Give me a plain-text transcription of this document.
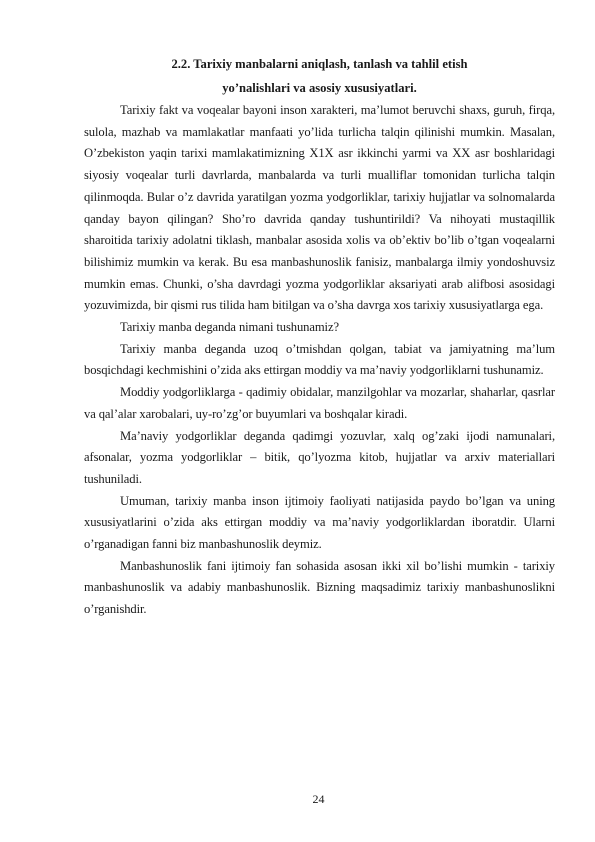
2.2. Tarixiy manbalarni aniqlash, tanlash va tahlil etish
yo’nalishlari va asosiy xususiyatlari.

Tarixiy fakt va voqealar bayoni inson xarakteri, ma’lumot beruvchi shaxs, guruh, firqa, sulola, mazhab va mamlakatlar manfaati yo’lida turlicha talqin qilinishi mumkin. Masalan, O’zbekiston yaqin tarixi mamlakatimizning X1X asr ikkinchi yarmi va XX asr boshlaridagi siyosiy voqealar turli davrlarda, manbalarda va turli mualliflar tomonidan turlicha talqin qilinmoqda. Bular o’z davrida yaratilgan yozma yodgorliklar, tarixiy hujjatlar va solnomalarda qanday bayon qilingan? Sho’ro davrida qanday tushuntirildi? Va nihoyati mustaqillik sharoitida tarixiy adolatni tiklash, manbalar asosida xolis va ob’ektiv bo’lib o’tgan voqealarni bilishimiz mumkin va kerak. Bu esa manbashunoslik fanisiz, manbalarga ilmiy yondoshuvsiz mumkin emas. Chunki, o’sha davrdagi yozma yodgorliklar aksariyati arab alifbosi asosidagi yozuvimizda, bir qismi rus tilida ham bitilgan va o’sha davrga xos tarixiy xususiyatlarga ega.

Tarixiy manba deganda nimani tushunamiz?

Tarixiy manba deganda uzoq o’tmishdan qolgan, tabiat va jamiyatning ma’lum bosqichdagi kechmishini o’zida aks ettirgan moddiy va ma’naviy yodgorliklarni tushunamiz.

Moddiy yodgorliklarga - qadimiy obidalar, manzilgohlar va mozarlar, shaharlar, qasrlar va qal’alar xarobalari, uy-ro’zg’or buyumlari va boshqalar kiradi.

Ma’naviy yodgorliklar deganda qadimgi yozuvlar, xalq og’zaki ijodi namunalari, afsonalar, yozma yodgorliklar – bitik, qo’lyozma kitob, hujjatlar va arxiv materiallari tushuniladi.

Umuman, tarixiy manba inson ijtimoiy faoliyati natijasida paydo bo’lgan va uning xususiyatlarini o’zida aks ettirgan moddiy va ma’naviy yodgorliklardan iboratdir. Ularni o’rganadigan fanni biz manbashunoslik deymiz.

Manbashunoslik fani ijtimoiy fan sohasida asosan ikki xil bo’lishi mumkin - tarixiy manbashunoslik va adabiy manbashunoslik. Bizning maqsadimiz tarixiy manbashunoslikni o’rganishdir.

24
